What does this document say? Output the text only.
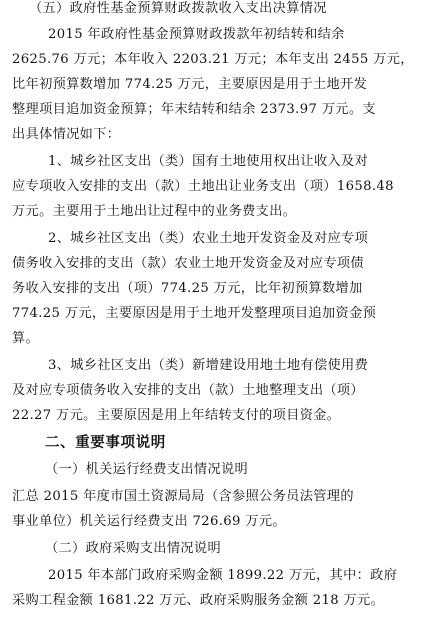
（五）政府性基金预算财政拨款收入支出决算情况
2015 年政府性基金预算财政拨款年初结转和结余
2625.76 万元；本年收入 2203.21 万元；本年支出 2455 万元，
比年初预算数增加 774.25 万元，主要原因是用于土地开发
整理项目追加资金预算；年末结转和结余 2373.97 万元。支
出具体情况如下：
1、城乡社区支出（类）国有土地使用权出让收入及对
应专项收入安排的支出（款）土地出让业务支出（项）1658.48
万元。主要用于土地出让过程中的业务费支出。
2、城乡社区支出（类）农业土地开发资金及对应专项
债务收入安排的支出（款）农业土地开发资金及对应专项债
务收入安排的支出（项）774.25 万元，比年初预算数增加
774.25 万元，主要原因是用于土地开发整理项目追加资金预
算。
3、城乡社区支出（类）新增建设用地土地有偿使用费
及对应专项债务收入安排的支出（款）土地整理支出（项）
22.27 万元。主要原因是用上年结转支付的项目资金。
二、重要事项说明
（一）机关运行经费支出情况说明
汇总 2015 年度市国土资源局局（含参照公务员法管理的
事业单位）机关运行经费支出 726.69 万元。
（二）政府采购支出情况说明
2015 年本部门政府采购金额 1899.22 万元，其中：政府
采购工程金额 1681.22 万元、政府采购服务金额 218 万元。
